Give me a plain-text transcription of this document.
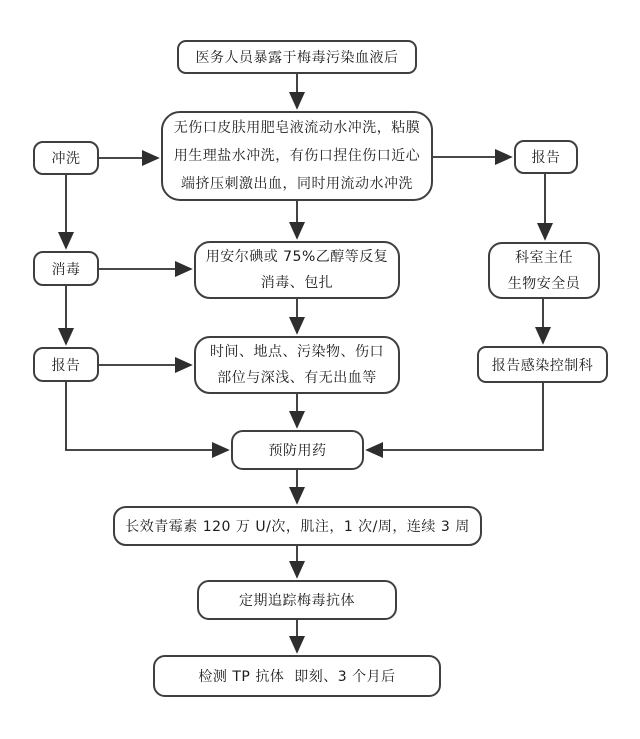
医务人员暴露于梅毒污染血液后
无伤口皮肤用肥皂液流动水冲洗，粘膜
用生理盐水冲洗，有伤口捏住伤口近心
端挤压刺激出血，同时用流动水冲洗
冲洗	报告
消毒
用安尔碘或 75%乙醇等反复
消毒、包扎
科室主任
生物安全员
报告
时间、地点、污染物、伤口
部位与深浅、有无出血等
报告感染控制科
预防用药
长效青霉素 120 万 U/次，肌注，1 次/周，连续 3 周
定期追踪梅毒抗体
检测 TP 抗体  即刻、3 个月后
